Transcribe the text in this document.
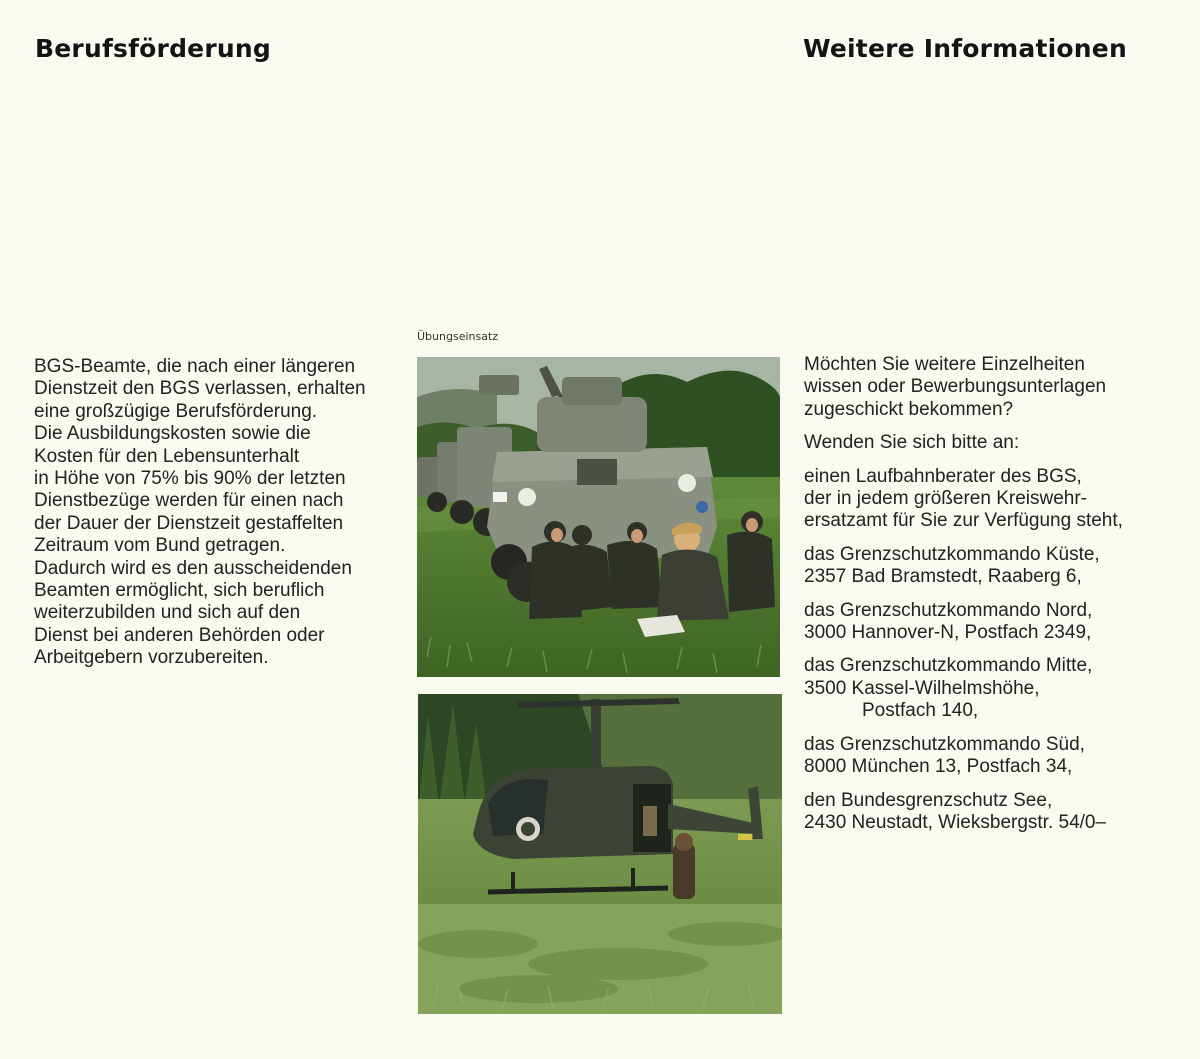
Berufsförderung	Weitere Informationen
BGS-Beamte, die nach einer längeren
Dienstzeit den BGS verlassen, erhalten
eine großzügige Berufsförderung.
Die Ausbildungskosten sowie die
Kosten für den Lebensunterhalt
in Höhe von 75% bis 90% der letzten
Dienstbezüge werden für einen nach
der Dauer der Dienstzeit gestaffelten
Zeitraum vom Bund getragen.
Dadurch wird es den ausscheidenden
Beamten ermöglicht, sich beruflich
weiterzubilden und sich auf den
Dienst bei anderen Behörden oder
Arbeitgebern vorzubereiten.
Übungseinsatz
Möchten Sie weitere Einzelheiten
wissen oder Bewerbungsunterlagen
zugeschickt bekommen?
Wenden Sie sich bitte an:
einen Laufbahnberater des BGS,
der in jedem größeren Kreiswehr-
ersatzamt für Sie zur Verfügung steht,
das Grenzschutzkommando Küste,
2357 Bad Bramstedt, Raaberg 6,
das Grenzschutzkommando Nord,
3000 Hannover-N, Postfach 2349,
das Grenzschutzkommando Mitte,
3500 Kassel-Wilhelmshöhe,
Postfach 140,
das Grenzschutzkommando Süd,
8000 München 13, Postfach 34,
den Bundesgrenzschutz See,
2430 Neustadt, Wieksbergstr. 54/0–
